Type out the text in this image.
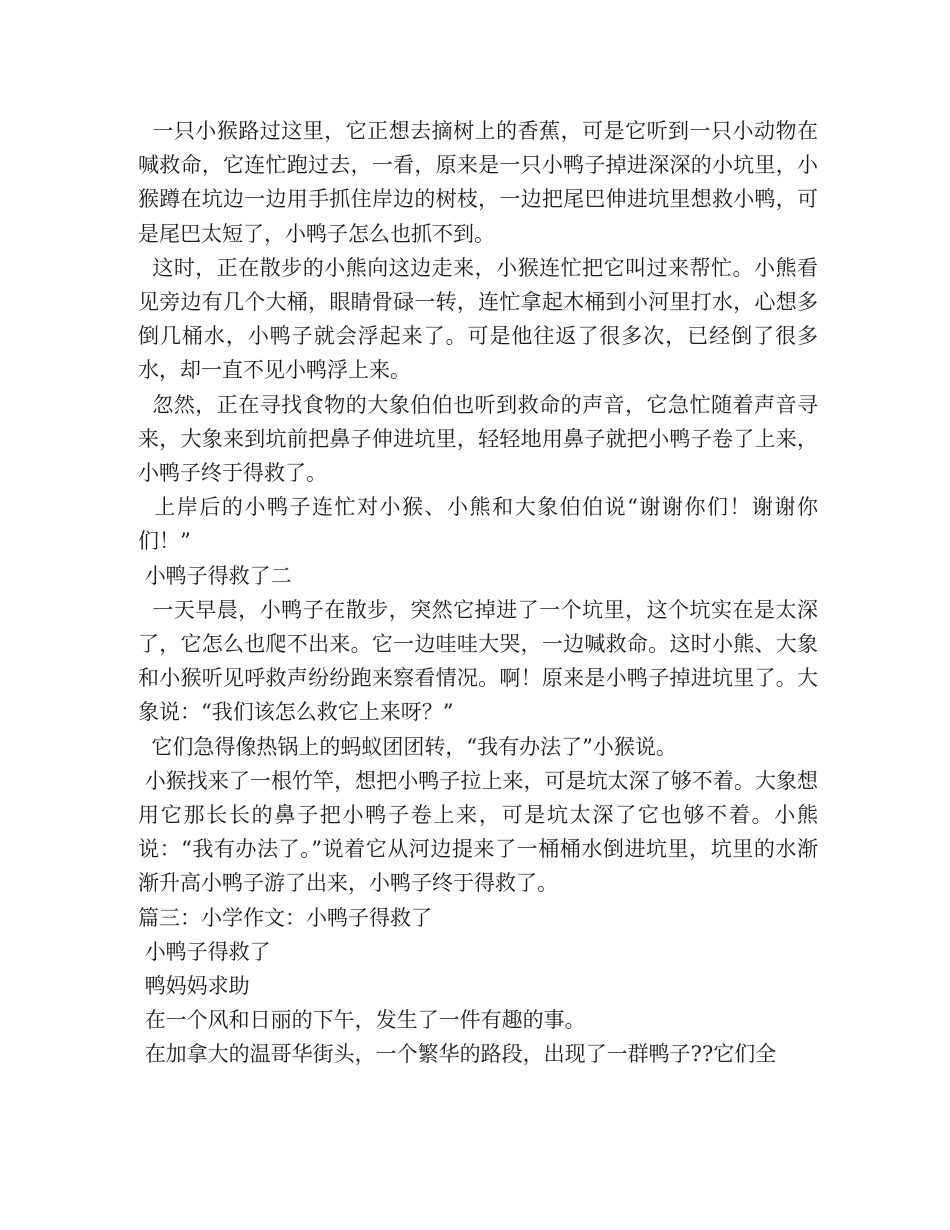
一只小猴路过这里，它正想去摘树上的香蕉，可是它听到一只小动物在喊救命，它连忙跑过去，一看，原来是一只小鸭子掉进深深的小坑里，小猴蹲在坑边一边用手抓住岸边的树枝，一边把尾巴伸进坑里想救小鸭，可是尾巴太短了，小鸭子怎么也抓不到。

这时，正在散步的小熊向这边走来，小猴连忙把它叫过来帮忙。小熊看见旁边有几个大桶，眼睛骨碌一转，连忙拿起木桶到小河里打水，心想多倒几桶水，小鸭子就会浮起来了。可是他往返了很多次，已经倒了很多水，却一直不见小鸭浮上来。

忽然，正在寻找食物的大象伯伯也听到救命的声音，它急忙随着声音寻来，大象来到坑前把鼻子伸进坑里，轻轻地用鼻子就把小鸭子卷了上来，小鸭子终于得救了。

上岸后的小鸭子连忙对小猴、小熊和大象伯伯说“谢谢你们！谢谢你们！”

小鸭子得救了二

一天早晨，小鸭子在散步，突然它掉进了一个坑里，这个坑实在是太深了，它怎么也爬不出来。它一边哇哇大哭，一边喊救命。这时小熊、大象和小猴听见呼救声纷纷跑来察看情况。啊！原来是小鸭子掉进坑里了。大象说：“我们该怎么救它上来呀？”

它们急得像热锅上的蚂蚁团团转，“我有办法了”小猴说。

小猴找来了一根竹竿，想把小鸭子拉上来，可是坑太深了够不着。大象想用它那长长的鼻子把小鸭子卷上来，可是坑太深了它也够不着。小熊说：“我有办法了。”说着它从河边提来了一桶桶水倒进坑里，坑里的水渐渐升高小鸭子游了出来，小鸭子终于得救了。

篇三：小学作文：小鸭子得救了

小鸭子得救了

鸭妈妈求助

在一个风和日丽的下午，发生了一件有趣的事。

在加拿大的温哥华街头，一个繁华的路段，出现了一群鸭子??它们全
